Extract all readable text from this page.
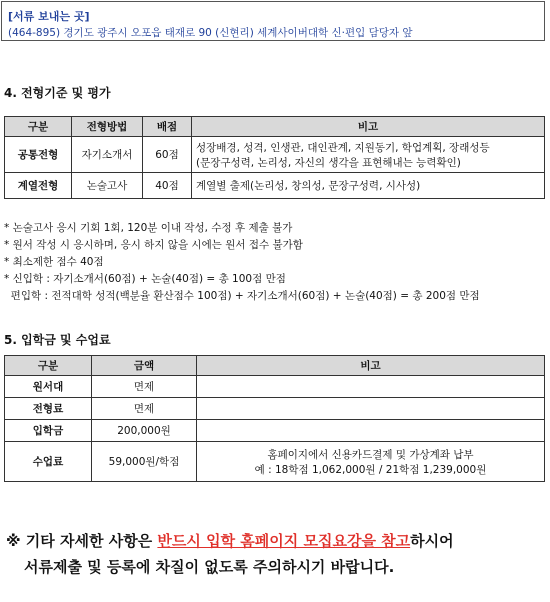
[서류 보내는 곳]
(464-895) 경기도 광주시 오포읍 태재로 90 (신현리) 세계사이버대학 신·편입 담당자 앞
4. 전형기준 및 평가
구분	전형방법	배점	비고
공통전형	자기소개서	60점	성장배경, 성격, 인생관, 대인관계, 지원동기, 학업계획, 장래성등
(문장구성력, 논리성, 자신의 생각을 표현해내는 능력확인)

계열전형	논술고사	40점	계열별 출제(논리성, 창의성, 문장구성력, 시사성)
* 논술고사 응시 기회 1회, 120분 이내 작성, 수정 후 제출 불가
* 원서 작성 시 응시하며, 응시 하지 않을 시에는 원서 접수 불가함
* 최소제한 점수 40점
* 신입학 : 자기소개서(60점) + 논술(40점) = 총 100점 만점
편입학 : 전적대학 성적(백분율 환산점수 100점) + 자기소개서(60점) + 논술(40점) = 총 200점 만점
5. 입학금 및 수업료
구분	금액	비고
원서대	면제	
전형료	면제	
입학금	200,000원	
수업료	59,000원/학점	홈페이지에서 신용카드결제 및 가상계좌 납부
예 : 18학점 1,062,000원 / 21학점 1,239,000원
※ 기타 자세한 사항은 반드시 입학 홈페이지 모집요강을 참고하시어
서류제출 및 등록에 차질이 없도록 주의하시기 바랍니다.
